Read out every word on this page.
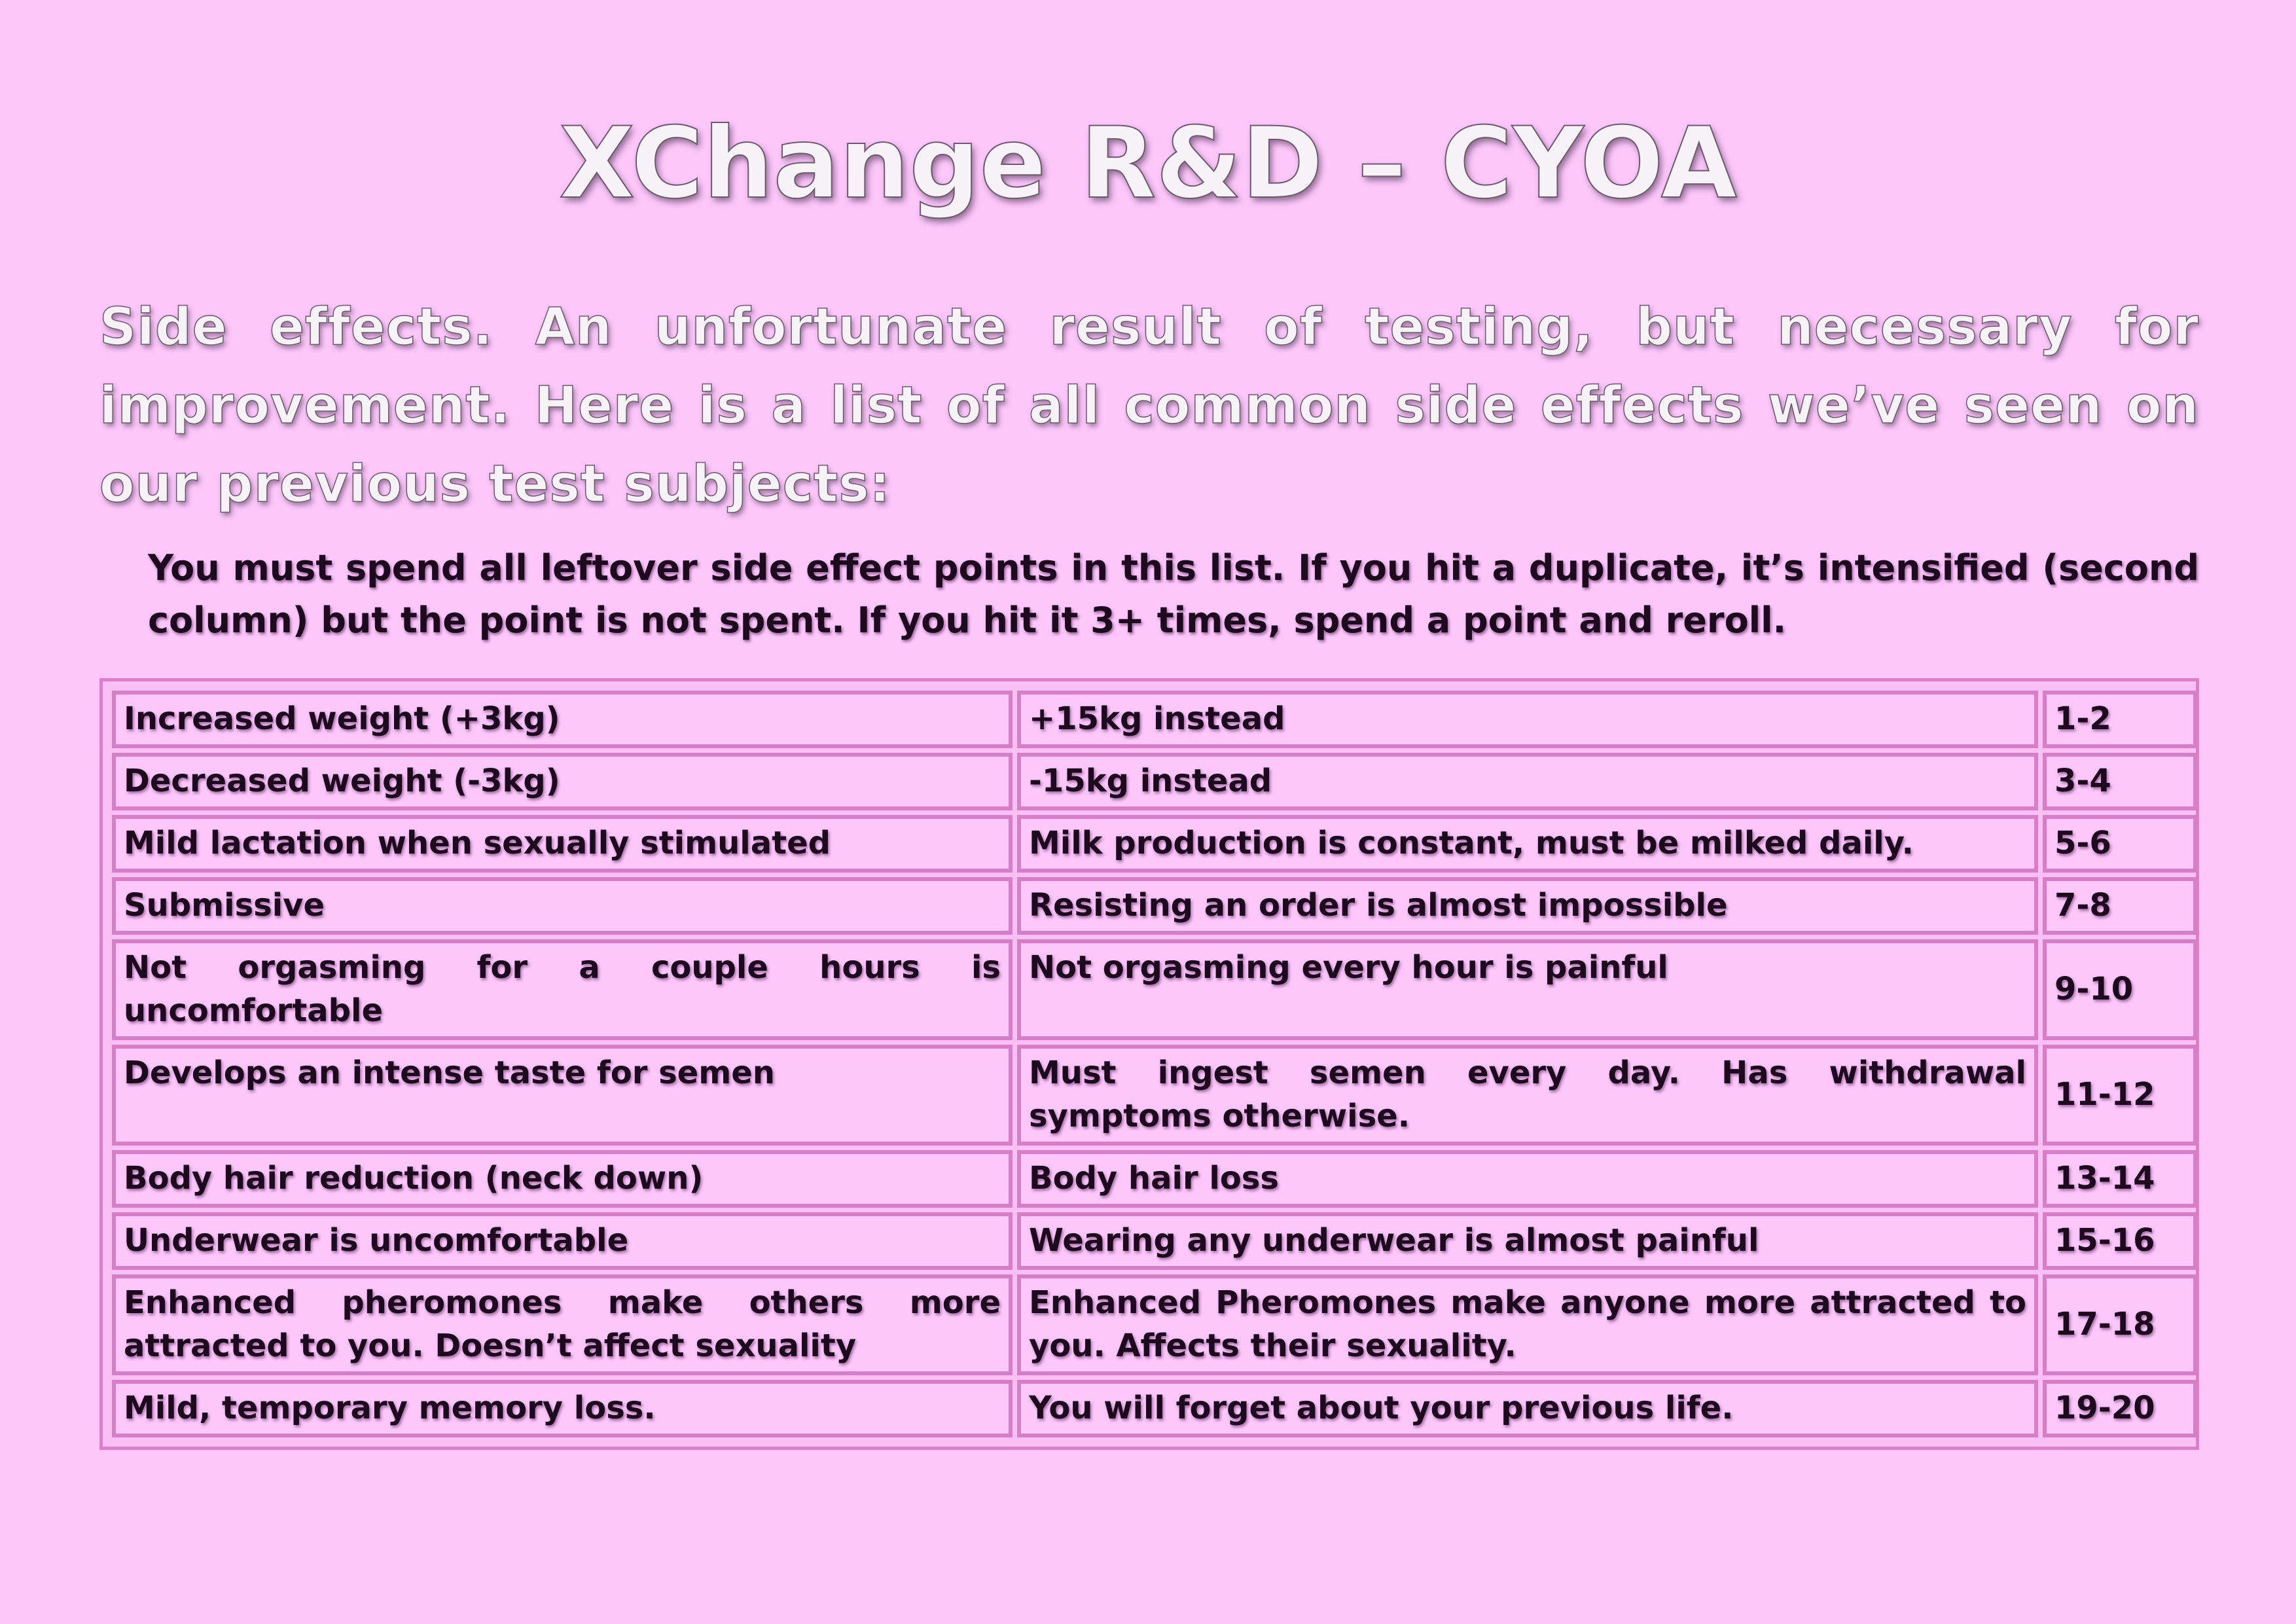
XChange R&D – CYOA

Side effects. An unfortunate result of testing, but necessary for improvement. Here is a list of all common side effects we’ve seen on our previous test subjects:

You must spend all leftover side effect points in this list. If you hit a duplicate, it’s intensified (second column) but the point is not spent. If you hit it 3+ times, spend a point and reroll.

Increased weight (+3kg)	+15kg instead	1-2
Decreased weight (-3kg)	-15kg instead	3-4
Mild lactation when sexually stimulated	Milk production is constant, must be milked daily.	5-6
Submissive	Resisting an order is almost impossible	7-8
Not orgasming for a couple hours is uncomfortable	Not orgasming every hour is painful	9-10
Develops an intense taste for semen	Must ingest semen every day. Has withdrawal symptoms otherwise.	11-12
Body hair reduction (neck down)	Body hair loss	13-14
Underwear is uncomfortable	Wearing any underwear is almost painful	15-16
Enhanced pheromones make others more attracted to you. Doesn’t affect sexuality	Enhanced Pheromones make anyone more attracted to you. Affects their sexuality.	17-18
Mild, temporary memory loss.	You will forget about your previous life.	19-20
